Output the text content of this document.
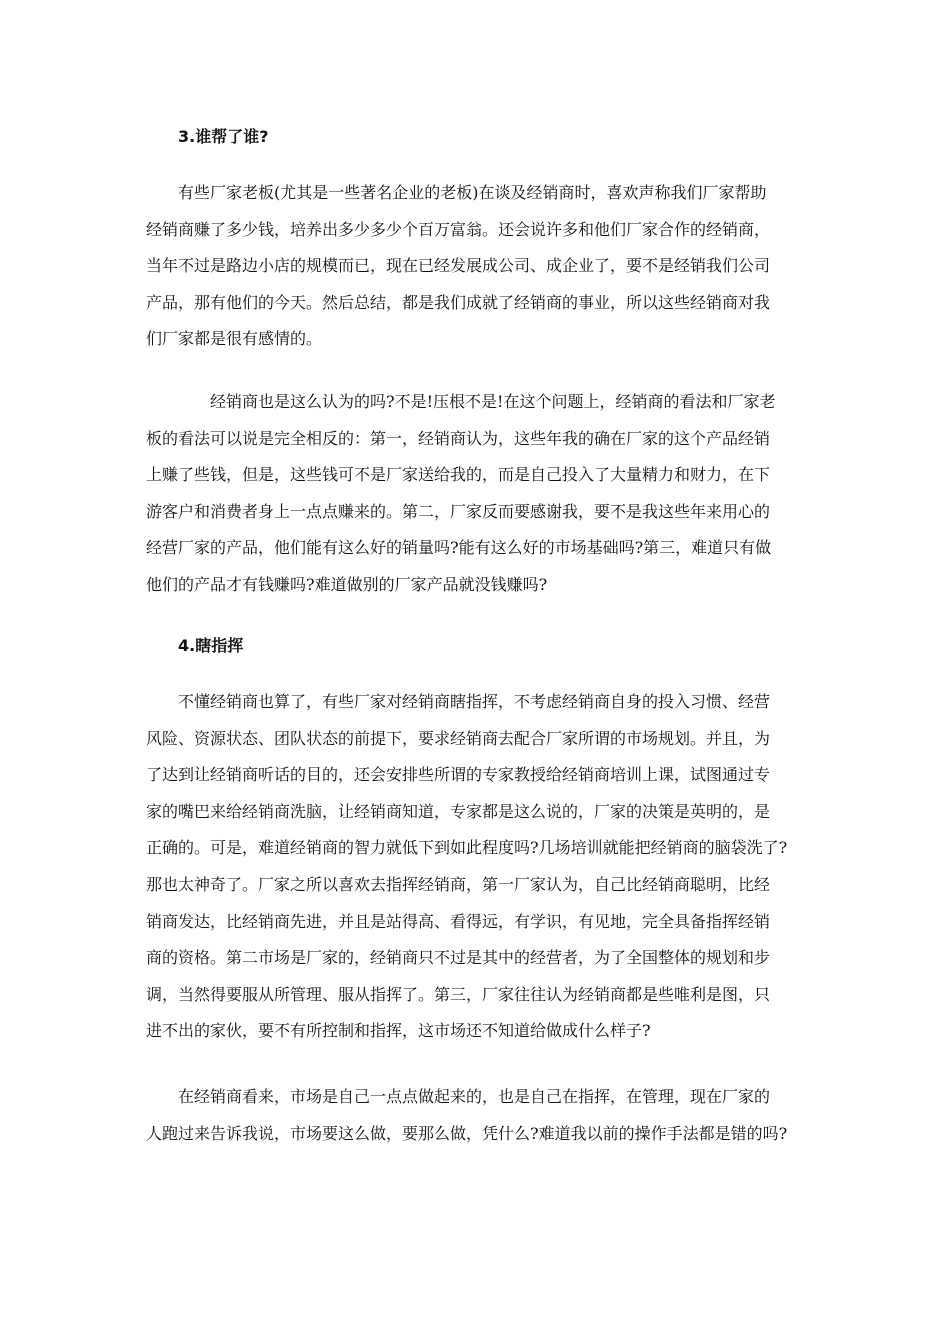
3.谁帮了谁?
有些厂家老板(尤其是一些著名企业的老板)在谈及经销商时，喜欢声称我们厂家帮助
经销商赚了多少钱，培养出多少多少个百万富翁。还会说许多和他们厂家合作的经销商，
当年不过是路边小店的规模而已，现在已经发展成公司、成企业了，要不是经销我们公司
产品，那有他们的今天。然后总结，都是我们成就了经销商的事业，所以这些经销商对我
们厂家都是很有感情的。
经销商也是这么认为的吗?不是!压根不是!在这个问题上，经销商的看法和厂家老
板的看法可以说是完全相反的：第一，经销商认为，这些年我的确在厂家的这个产品经销
上赚了些钱，但是，这些钱可不是厂家送给我的，而是自己投入了大量精力和财力，在下
游客户和消费者身上一点点赚来的。第二，厂家反而要感谢我，要不是我这些年来用心的
经营厂家的产品，他们能有这么好的销量吗?能有这么好的市场基础吗?第三，难道只有做
他们的产品才有钱赚吗?难道做别的厂家产品就没钱赚吗?
4.瞎指挥
不懂经销商也算了，有些厂家对经销商瞎指挥，不考虑经销商自身的投入习惯、经营
风险、资源状态、团队状态的前提下，要求经销商去配合厂家所谓的市场规划。并且，为
了达到让经销商听话的目的，还会安排些所谓的专家教授给经销商培训上课，试图通过专
家的嘴巴来给经销商洗脑，让经销商知道，专家都是这么说的，厂家的决策是英明的，是
正确的。可是，难道经销商的智力就低下到如此程度吗?几场培训就能把经销商的脑袋洗了?
那也太神奇了。厂家之所以喜欢去指挥经销商，第一厂家认为，自己比经销商聪明，比经
销商发达，比经销商先进，并且是站得高、看得远，有学识，有见地，完全具备指挥经销
商的资格。第二市场是厂家的，经销商只不过是其中的经营者，为了全国整体的规划和步
调，当然得要服从所管理、服从指挥了。第三，厂家往往认为经销商都是些唯利是图，只
进不出的家伙，要不有所控制和指挥，这市场还不知道给做成什么样子?
在经销商看来，市场是自己一点点做起来的，也是自己在指挥，在管理，现在厂家的
人跑过来告诉我说，市场要这么做，要那么做，凭什么?难道我以前的操作手法都是错的吗?
